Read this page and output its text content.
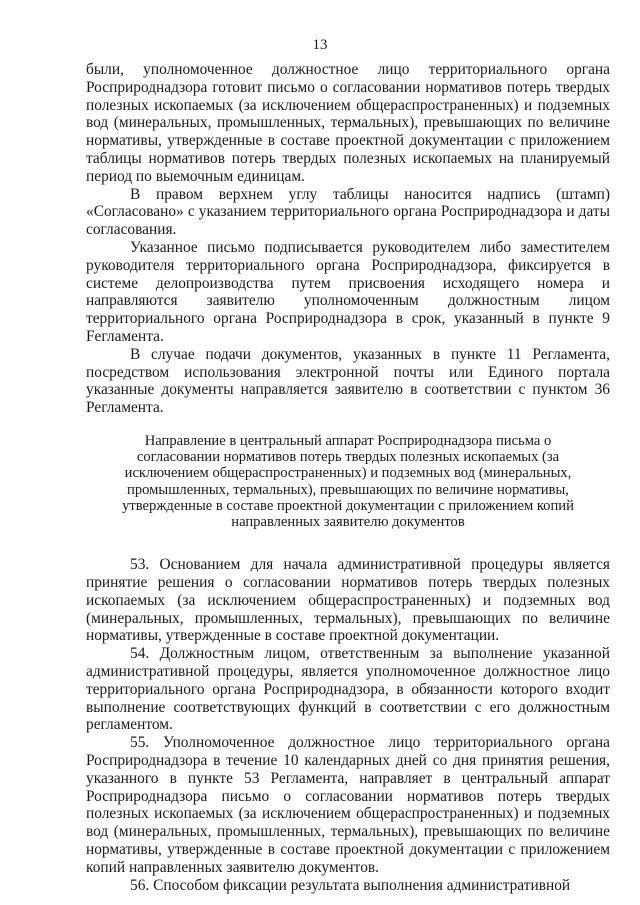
13

были, уполномоченное должностное лицо территориального органа Росприроднадзора готовит письмо о согласовании нормативов потерь твердых полезных ископаемых (за исключением общераспространенных) и подземных вод (минеральных, промышленных, термальных), превышающих по величине нормативы, утвержденные в составе проектной документации с приложением таблицы нормативов потерь твердых полезных ископаемых на планируемый период по выемочным единицам.

В правом верхнем углу таблицы наносится надпись (штамп) «Согласовано» с указанием территориального органа Росприроднадзора и даты согласования.

Указанное письмо подписывается руководителем либо заместителем руководителя территориального органа Росприроднадзора, фиксируется в системе делопроизводства путем присвоения исходящего номера и направляются заявителю уполномоченным должностным лицом территориального органа Росприроднадзора в срок, указанный в пункте 9 Fегламента.

В случае подачи документов, указанных в пункте 11 Регламента, посредством использования электронной почты или Единого портала указанные документы направляется заявителю в соответствии с пунктом 36 Регламента.

Направление в центральный аппарат Росприроднадзора письма о согласовании нормативов потерь твердых полезных ископаемых (за исключением общераспространенных) и подземных вод (минеральных, промышленных, термальных), превышающих по величине нормативы, утвержденные в составе проектной документации с приложением копий направленных заявителю документов

53. Основанием для начала административной процедуры является принятие решения о согласовании нормативов потерь твердых полезных ископаемых (за исключением общераспространенных) и подземных вод (минеральных, промышленных, термальных), превышающих по величине нормативы, утвержденные в составе проектной документации.

54. Должностным лицом, ответственным за выполнение указанной административной процедуры, является уполномоченное должностное лицо территориального органа Росприроднадзора, в обязанности которого входит выполнение соответствующих функций в соответствии с его должностным регламентом.

55. Уполномоченное должностное лицо территориального органа Росприроднадзора в течение 10 календарных дней со дня принятия решения, указанного в пункте 53 Регламента, направляет в центральный аппарат Росприроднадзора письмо о согласовании нормативов потерь твердых полезных ископаемых (за исключением общераспространенных) и подземных вод (минеральных, промышленных, термальных), превышающих по величине нормативы, утвержденные в составе проектной документации с приложением копий направленных заявителю документов.

56. Способом фиксации результата выполнения административной
